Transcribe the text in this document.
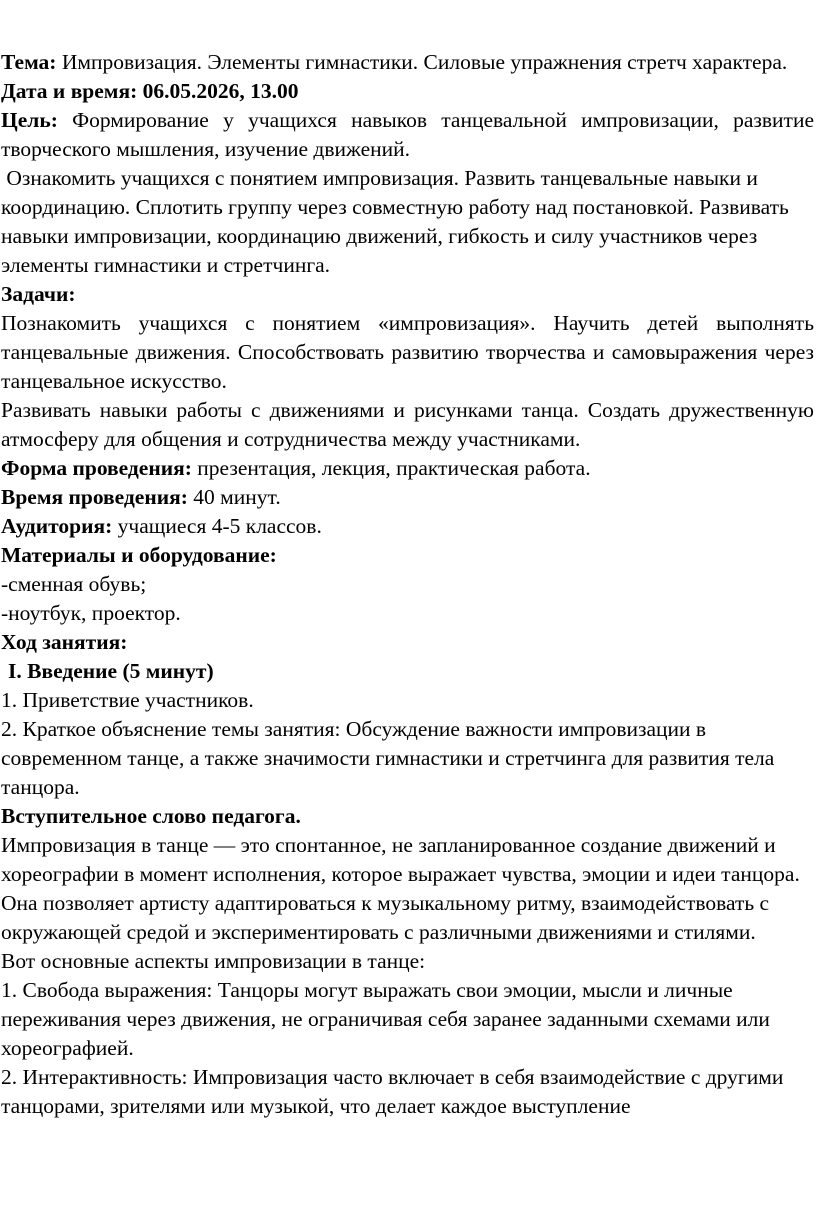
Тема: Импровизация. Элементы гимнастики. Силовые упражнения стретч характера.

Дата и время: 06.05.2026, 13.00

Цель: Формирование у учащихся навыков танцевальной импровизации, развитие творческого мышления, изучение движений.

Ознакомить учащихся с понятием импровизация. Развить танцевальные навыки и координацию. Сплотить группу через совместную работу над постановкой. Развивать навыки импровизации, координацию движений, гибкость и силу участников через элементы гимнастики и стретчинга.

Задачи:

Познакомить учащихся с понятием «импровизация». Научить детей выполнять танцевальные движения. Способствовать развитию творчества и самовыражения через танцевальное искусство.

Развивать навыки работы с движениями и рисунками танца. Создать дружественную атмосферу для общения и сотрудничества между участниками.

Форма проведения: презентация, лекция, практическая работа.

Время проведения: 40 минут.

Аудитория: учащиеся 4-5 классов.

Материалы и оборудование:

-сменная обувь;

-ноутбук, проектор.

Ход занятия:

I. Введение (5 минут)

1. Приветствие участников.

2. Краткое объяснение темы занятия: Обсуждение важности импровизации в современном танце, а также значимости гимнастики и стретчинга для развития тела танцора.

Вступительное слово педагога.

Импровизация в танце — это спонтанное, не запланированное создание движений и хореографии в момент исполнения, которое выражает чувства, эмоции и идеи танцора. Она позволяет артисту адаптироваться к музыкальному ритму, взаимодействовать с окружающей средой и экспериментировать с различными движениями и стилями.

Вот основные аспекты импровизации в танце:

1. Свобода выражения: Танцоры могут выражать свои эмоции, мысли и личные переживания через движения, не ограничивая себя заранее заданными схемами или хореографией.

2. Интерактивность: Импровизация часто включает в себя взаимодействие с другими танцорами, зрителями или музыкой, что делает каждое выступление
